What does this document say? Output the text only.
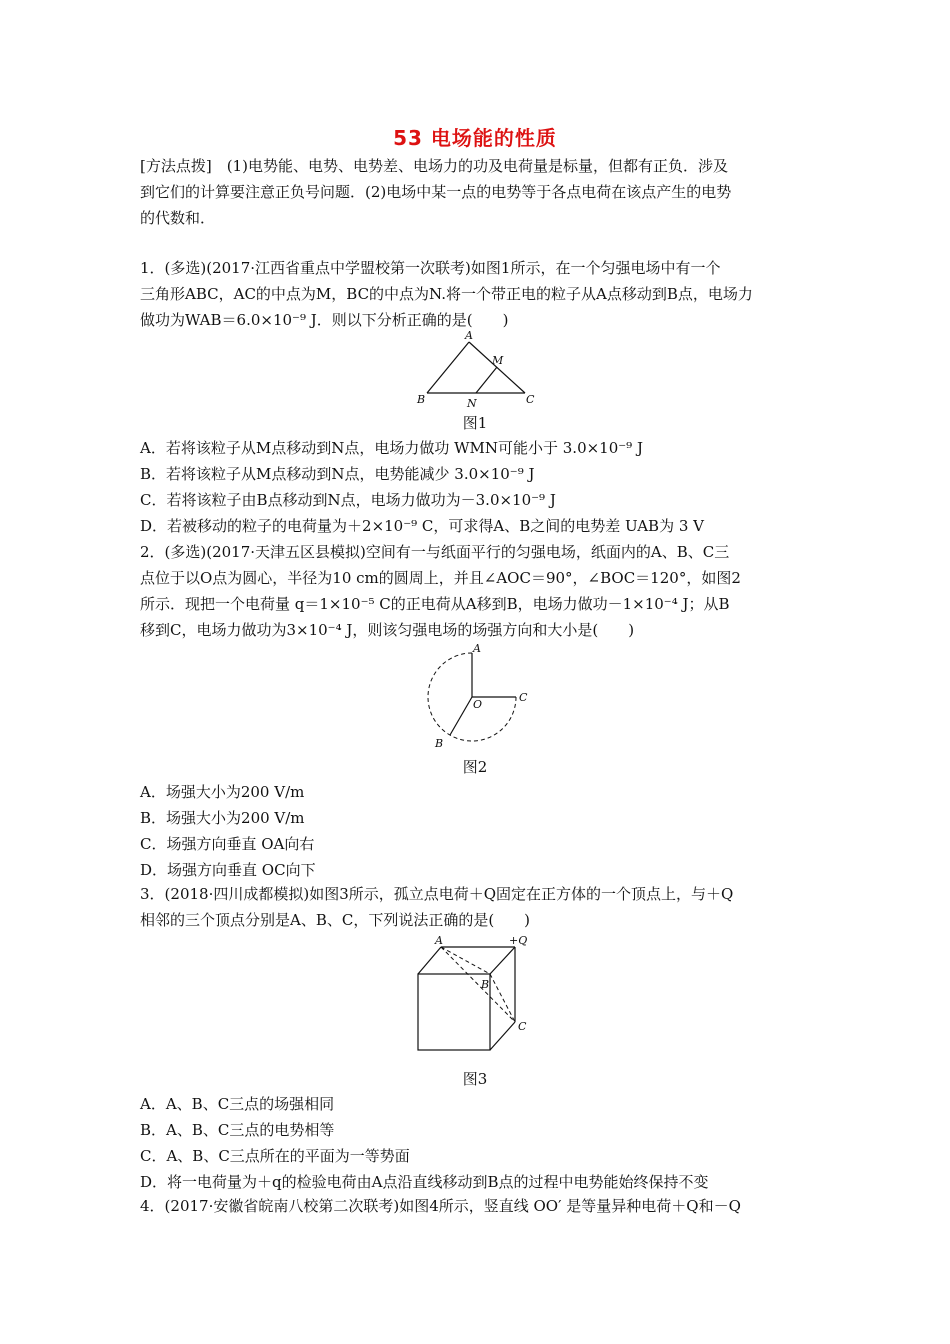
53 电场能的性质
[方法点拨]　(1)电势能、电势、电势差、电场力的功及电荷量是标量，但都有正负．涉及
到它们的计算要注意正负号问题．(2)电场中某一点的电势等于各点电荷在该点产生的电势
的代数和．
1．(多选)(2017·江西省重点中学盟校第一次联考)如图1所示，在一个匀强电场中有一个
三角形ABC，AC的中点为M，BC的中点为N.将一个带正电的粒子从A点移动到B点，电场力
做功为WAB＝6.0×10⁻⁹ J．则以下分析正确的是(　　)
A
M
B	N	C
图1
A．若将该粒子从M点移动到N点，电场力做功 WMN可能小于 3.0×10⁻⁹ J
B．若将该粒子从M点移动到N点，电势能减少 3.0×10⁻⁹ J
C．若将该粒子由B点移动到N点，电场力做功为－3.0×10⁻⁹ J
D．若被移动的粒子的电荷量为＋2×10⁻⁹ C，可求得A、B之间的电势差 UAB为 3 V
2．(多选)(2017·天津五区县模拟)空间有一与纸面平行的匀强电场，纸面内的A、B、C三
点位于以O点为圆心，半径为10 cm的圆周上，并且∠AOC＝90°，∠BOC＝120°，如图2
所示．现把一个电荷量 q＝1×10⁻⁵ C的正电荷从A移到B，电场力做功－1×10⁻⁴ J；从B
移到C，电场力做功为3×10⁻⁴ J，则该匀强电场的场强方向和大小是(　　)
A
C
O
B
图2
A．场强大小为200 V/m
B．场强大小为200 V/m
C．场强方向垂直 OA向右
D．场强方向垂直 OC向下
3．(2018·四川成都模拟)如图3所示，孤立点电荷＋Q固定在正方体的一个顶点上，与＋Q
相邻的三个顶点分别是A、B、C，下列说法正确的是(　　)
A	+Q
B
C
图3
A．A、B、C三点的场强相同
B．A、B、C三点的电势相等
C．A、B、C三点所在的平面为一等势面
D．将一电荷量为＋q的检验电荷由A点沿直线移动到B点的过程中电势能始终保持不变
4．(2017·安徽省皖南八校第二次联考)如图4所示，竖直线 OO′ 是等量异种电荷＋Q和－Q
